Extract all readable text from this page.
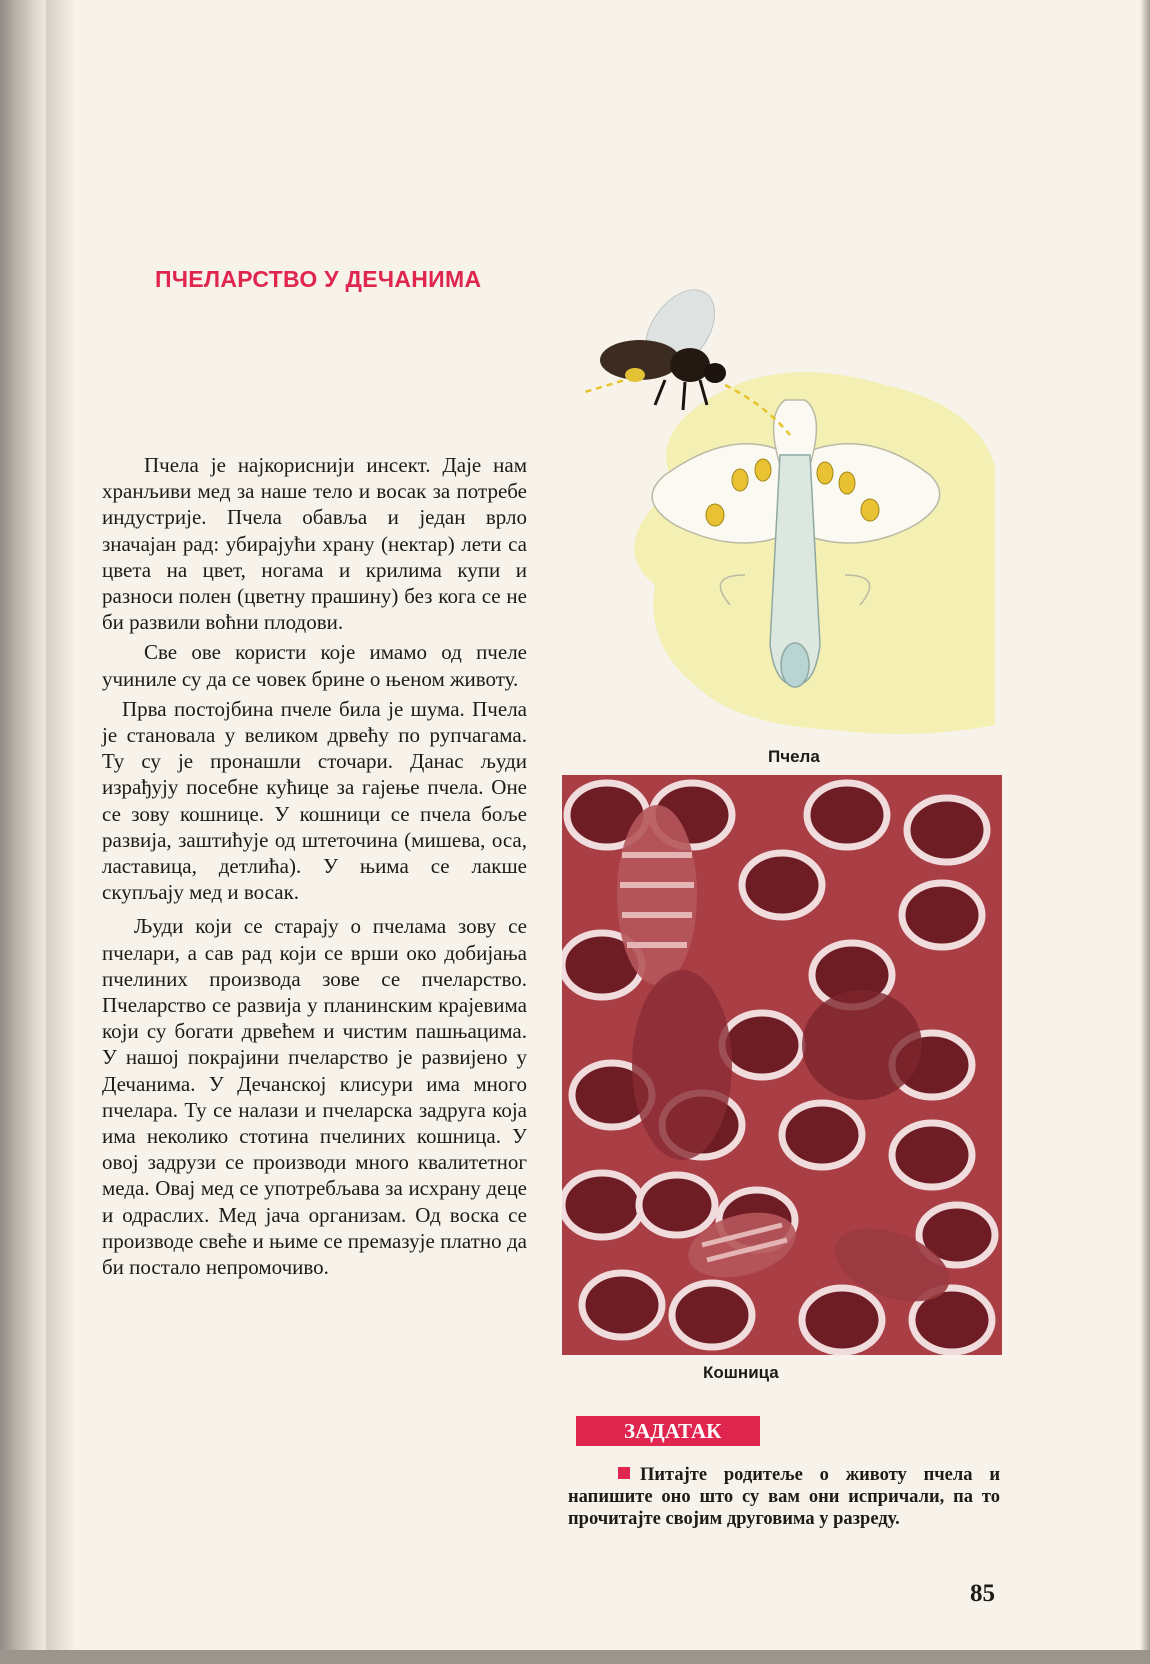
ПЧЕЛАРСТВО У ДЕЧАНИМА

Пчела је најкориснији инсект. Даје нам хранљиви мед за наше тело и восак за потребе индустрије. Пчела обавља и један врло значајан рад: убирајући храну (нектар) лети са цвета на цвет, ногама и крилима купи и разноси полен (цветну прашину) без кога се не би развили воћни плодови.

Све ове користи које имамо од пчеле учиниле су да се човек брине о њеном животу.

Прва постојбина пчеле била је шума. Пчела је становала у великом дрвећу по рупчагама. Ту су је пронашли сточари. Данас људи израђују посебне кућице за гајење пчела. Оне се зову кошнице. У кошници се пчела боље развија, заштићује од штеточина (мишева, оса, ластавица, детлића). У њима се лакше скупљају мед и восак.

Људи који се старају о пчелама зову се пчелари, а сав рад који се врши око добијања пчелиних производа зове се пчеларство. Пчеларство се развија у планинским крајевима који су богати дрвећем и чистим пашњацима. У нашој покрајини пчеларство је развијено у Дечанима. У Дечанској клисури има много пчелара. Ту се налази и пчеларска задруга која има неколико стотина пчелиних кошница. У овој задрузи се производи много квалитетног меда. Овај мед се употребљава за исхрану деце и одраслих. Мед јача организам. Од воска се производе свеће и њиме се премазује платно да би постало непромочиво.

Пчела
Кошница
ЗАДАТАК
Питајте родитеље о животу пчела и напишите оно што су вам они испричали, па то прочитајте својим друговима у разреду.
85
